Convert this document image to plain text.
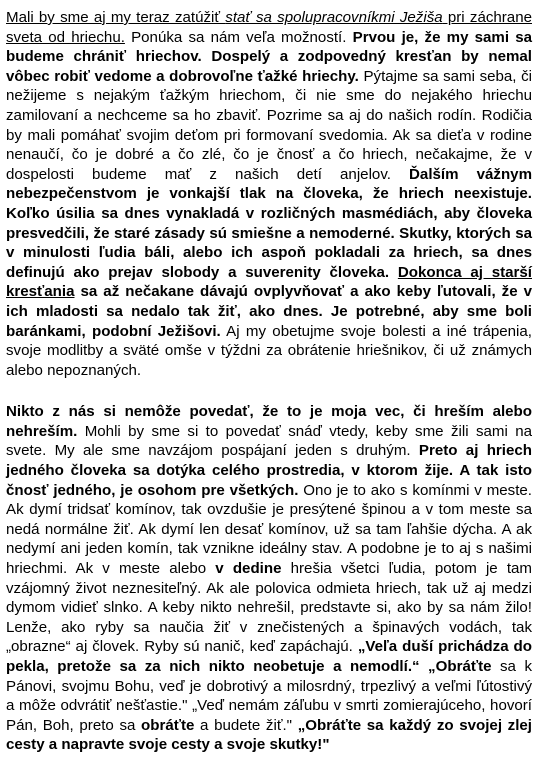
Mali by sme aj my teraz zatúžiť stať sa spolupracovníkmi Ježiša pri záchrane sveta od hriechu. Ponúka sa nám veľa možností. Prvou je, že my sami sa budeme chrániť hriechov. Dospelý a zodpovedný kresťan by nemal vôbec robiť vedome a dobrovoľne ťažké hriechy. Pýtajme sa sami seba, či nežijeme s nejakým ťažkým hriechom, či nie sme do nejakého hriechu zamilovaní a nechceme sa ho zbaviť. Pozrime sa aj do našich rodín. Rodičia by mali pomáhať svojim deťom pri formovaní svedomia. Ak sa dieťa v rodine nenaučí, čo je dobré a čo zlé, čo je čnosť a čo hriech, nečakajme, že v dospelosti budeme mať z našich detí anjelov. Ďalším vážnym nebezpečenstvom je vonkajší tlak na človeka, že hriech neexistuje. Koľko úsilia sa dnes vynakladá v rozličných masmédiách, aby človeka presvedčili, že staré zásady sú smiešne a nemoderné. Skutky, ktorých sa v minulosti ľudia báli, alebo ich aspoň pokladali za hriech, sa dnes definujú ako prejav slobody a suverenity človeka. Dokonca aj starší kresťania sa až nečakane dávajú ovplyvňovať a ako keby ľutovali, že v ich mladosti sa nedalo tak žiť, ako dnes. Je potrebné, aby sme boli baránkami, podobní Ježišovi. Aj my obetujme svoje bolesti a iné trápenia, svoje modlitby a sväté omše v týždni za obrátenie hriešnikov, či už známych alebo nepoznaných.

Nikto z nás si nemôže povedať, že to je moja vec, či hreším alebo nehreším. Mohli by sme si to povedať snáď vtedy, keby sme žili sami na svete. My ale sme navzájom pospájaní jeden s druhým. Preto aj hriech jedného človeka sa dotýka celého prostredia, v ktorom žije. A tak isto čnosť jedného, je osohom pre všetkých. Ono je to ako s komínmi v meste. Ak dymí tridsať komínov, tak ovzdušie je presýtené špinou a v tom meste sa nedá normálne žiť. Ak dymí len desať komínov, už sa tam ľahšie dýcha. A ak nedymí ani jeden komín, tak vznikne ideálny stav. A podobne je to aj s našimi hriechmi. Ak v meste alebo v dedine hrešia všetci ľudia, potom je tam vzájomný život neznesiteľný. Ak ale polovica odmieta hriech, tak už aj medzi dymom vidieť slnko. A keby nikto nehrešil, predstavte si, ako by sa nám žilo! Lenže, ako ryby sa naučia žiť v znečistených a špinavých vodách, tak „obrazne“ aj človek. Ryby sú nanič, keď zapáchajú. „Veľa duší prichádza do pekla, pretože sa za nich nikto neobetuje a nemodlí.“ „Obráťte sa k Pánovi, svojmu Bohu, veď je dobrotivý a milosrdný, trpezlivý a veľmi ľútostivý a môže odvrátiť nešťastie." „Veď nemám záľubu v smrti zomierajúceho, hovorí Pán, Boh, preto sa obráťte a budete žiť." „Obráťte sa každý zo svojej zlej cesty a napravte svoje cesty a svoje skutky!"
